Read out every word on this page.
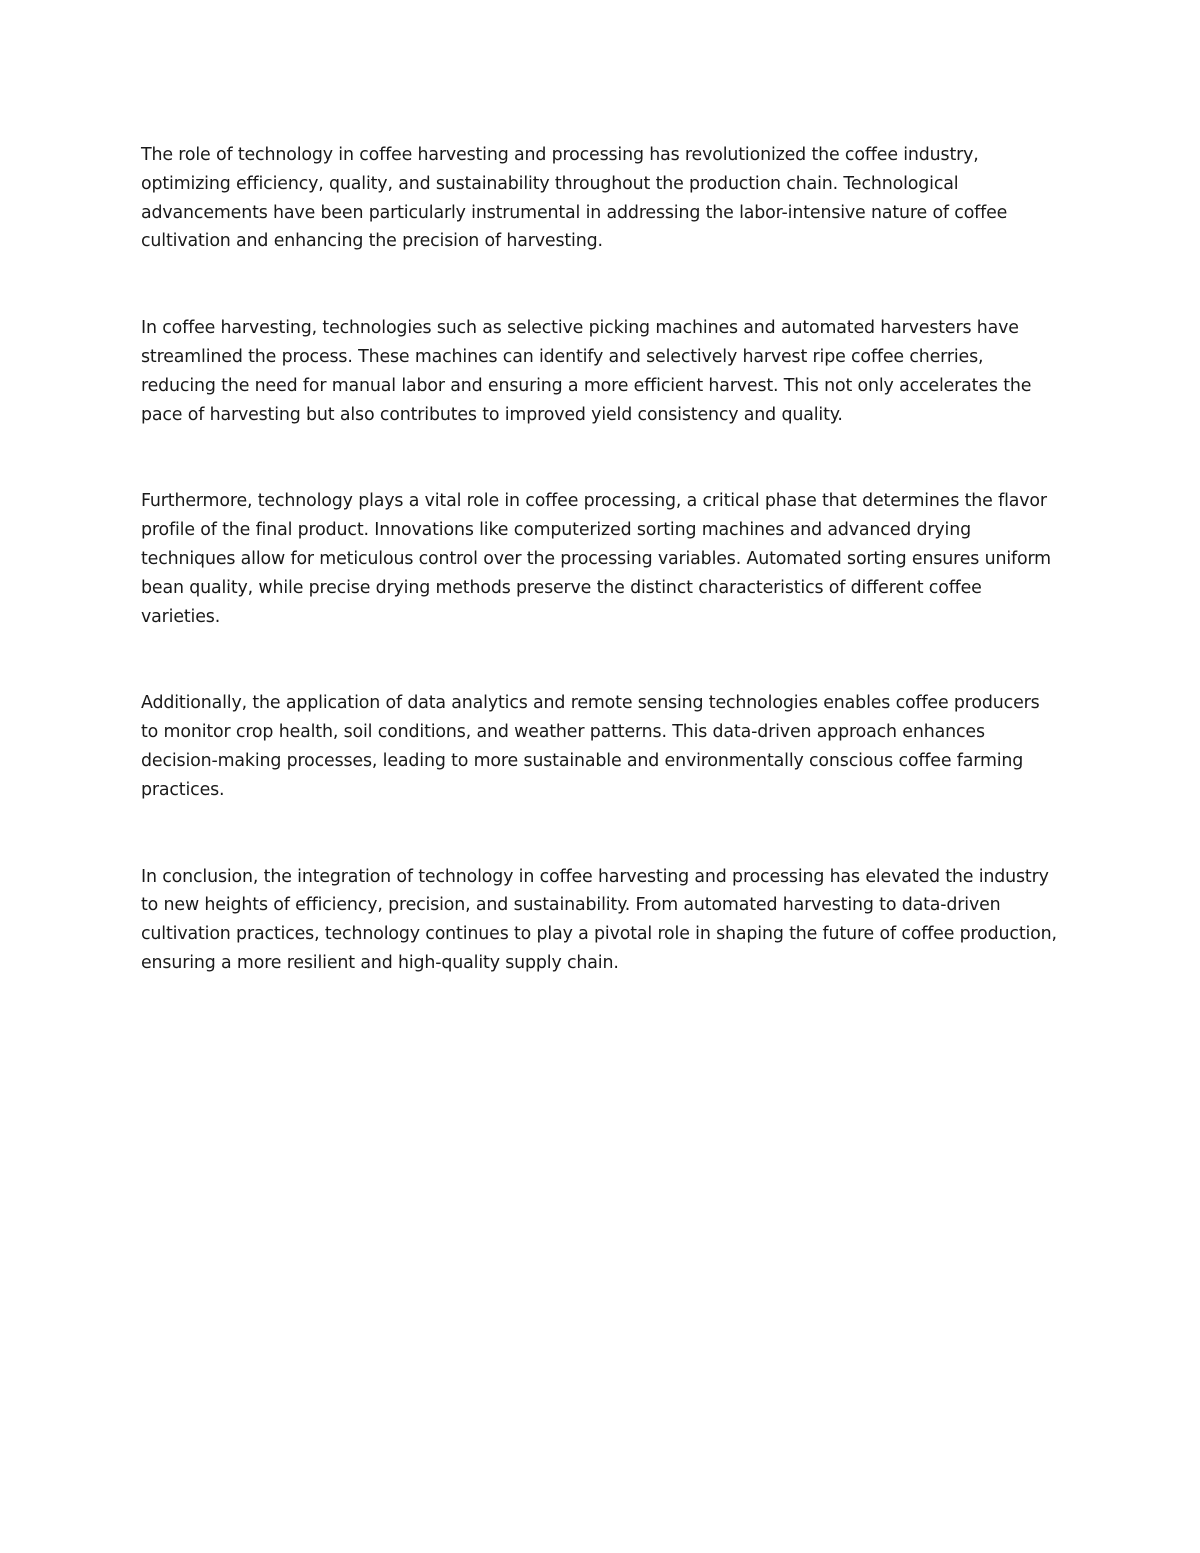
The role of technology in coffee harvesting and processing has revolutionized the coffee industry, optimizing efficiency, quality, and sustainability throughout the production chain. Technological advancements have been particularly instrumental in addressing the labor-intensive nature of coffee cultivation and enhancing the precision of harvesting.

In coffee harvesting, technologies such as selective picking machines and automated harvesters have streamlined the process. These machines can identify and selectively harvest ripe coffee cherries, reducing the need for manual labor and ensuring a more efficient harvest. This not only accelerates the pace of harvesting but also contributes to improved yield consistency and quality.

Furthermore, technology plays a vital role in coffee processing, a critical phase that determines the flavor profile of the final product. Innovations like computerized sorting machines and advanced drying techniques allow for meticulous control over the processing variables. Automated sorting ensures uniform bean quality, while precise drying methods preserve the distinct characteristics of different coffee varieties.

Additionally, the application of data analytics and remote sensing technologies enables coffee producers to monitor crop health, soil conditions, and weather patterns. This data-driven approach enhances decision-making processes, leading to more sustainable and environmentally conscious coffee farming practices.

In conclusion, the integration of technology in coffee harvesting and processing has elevated the industry to new heights of efficiency, precision, and sustainability. From automated harvesting to data-driven cultivation practices, technology continues to play a pivotal role in shaping the future of coffee production, ensuring a more resilient and high-quality supply chain.
